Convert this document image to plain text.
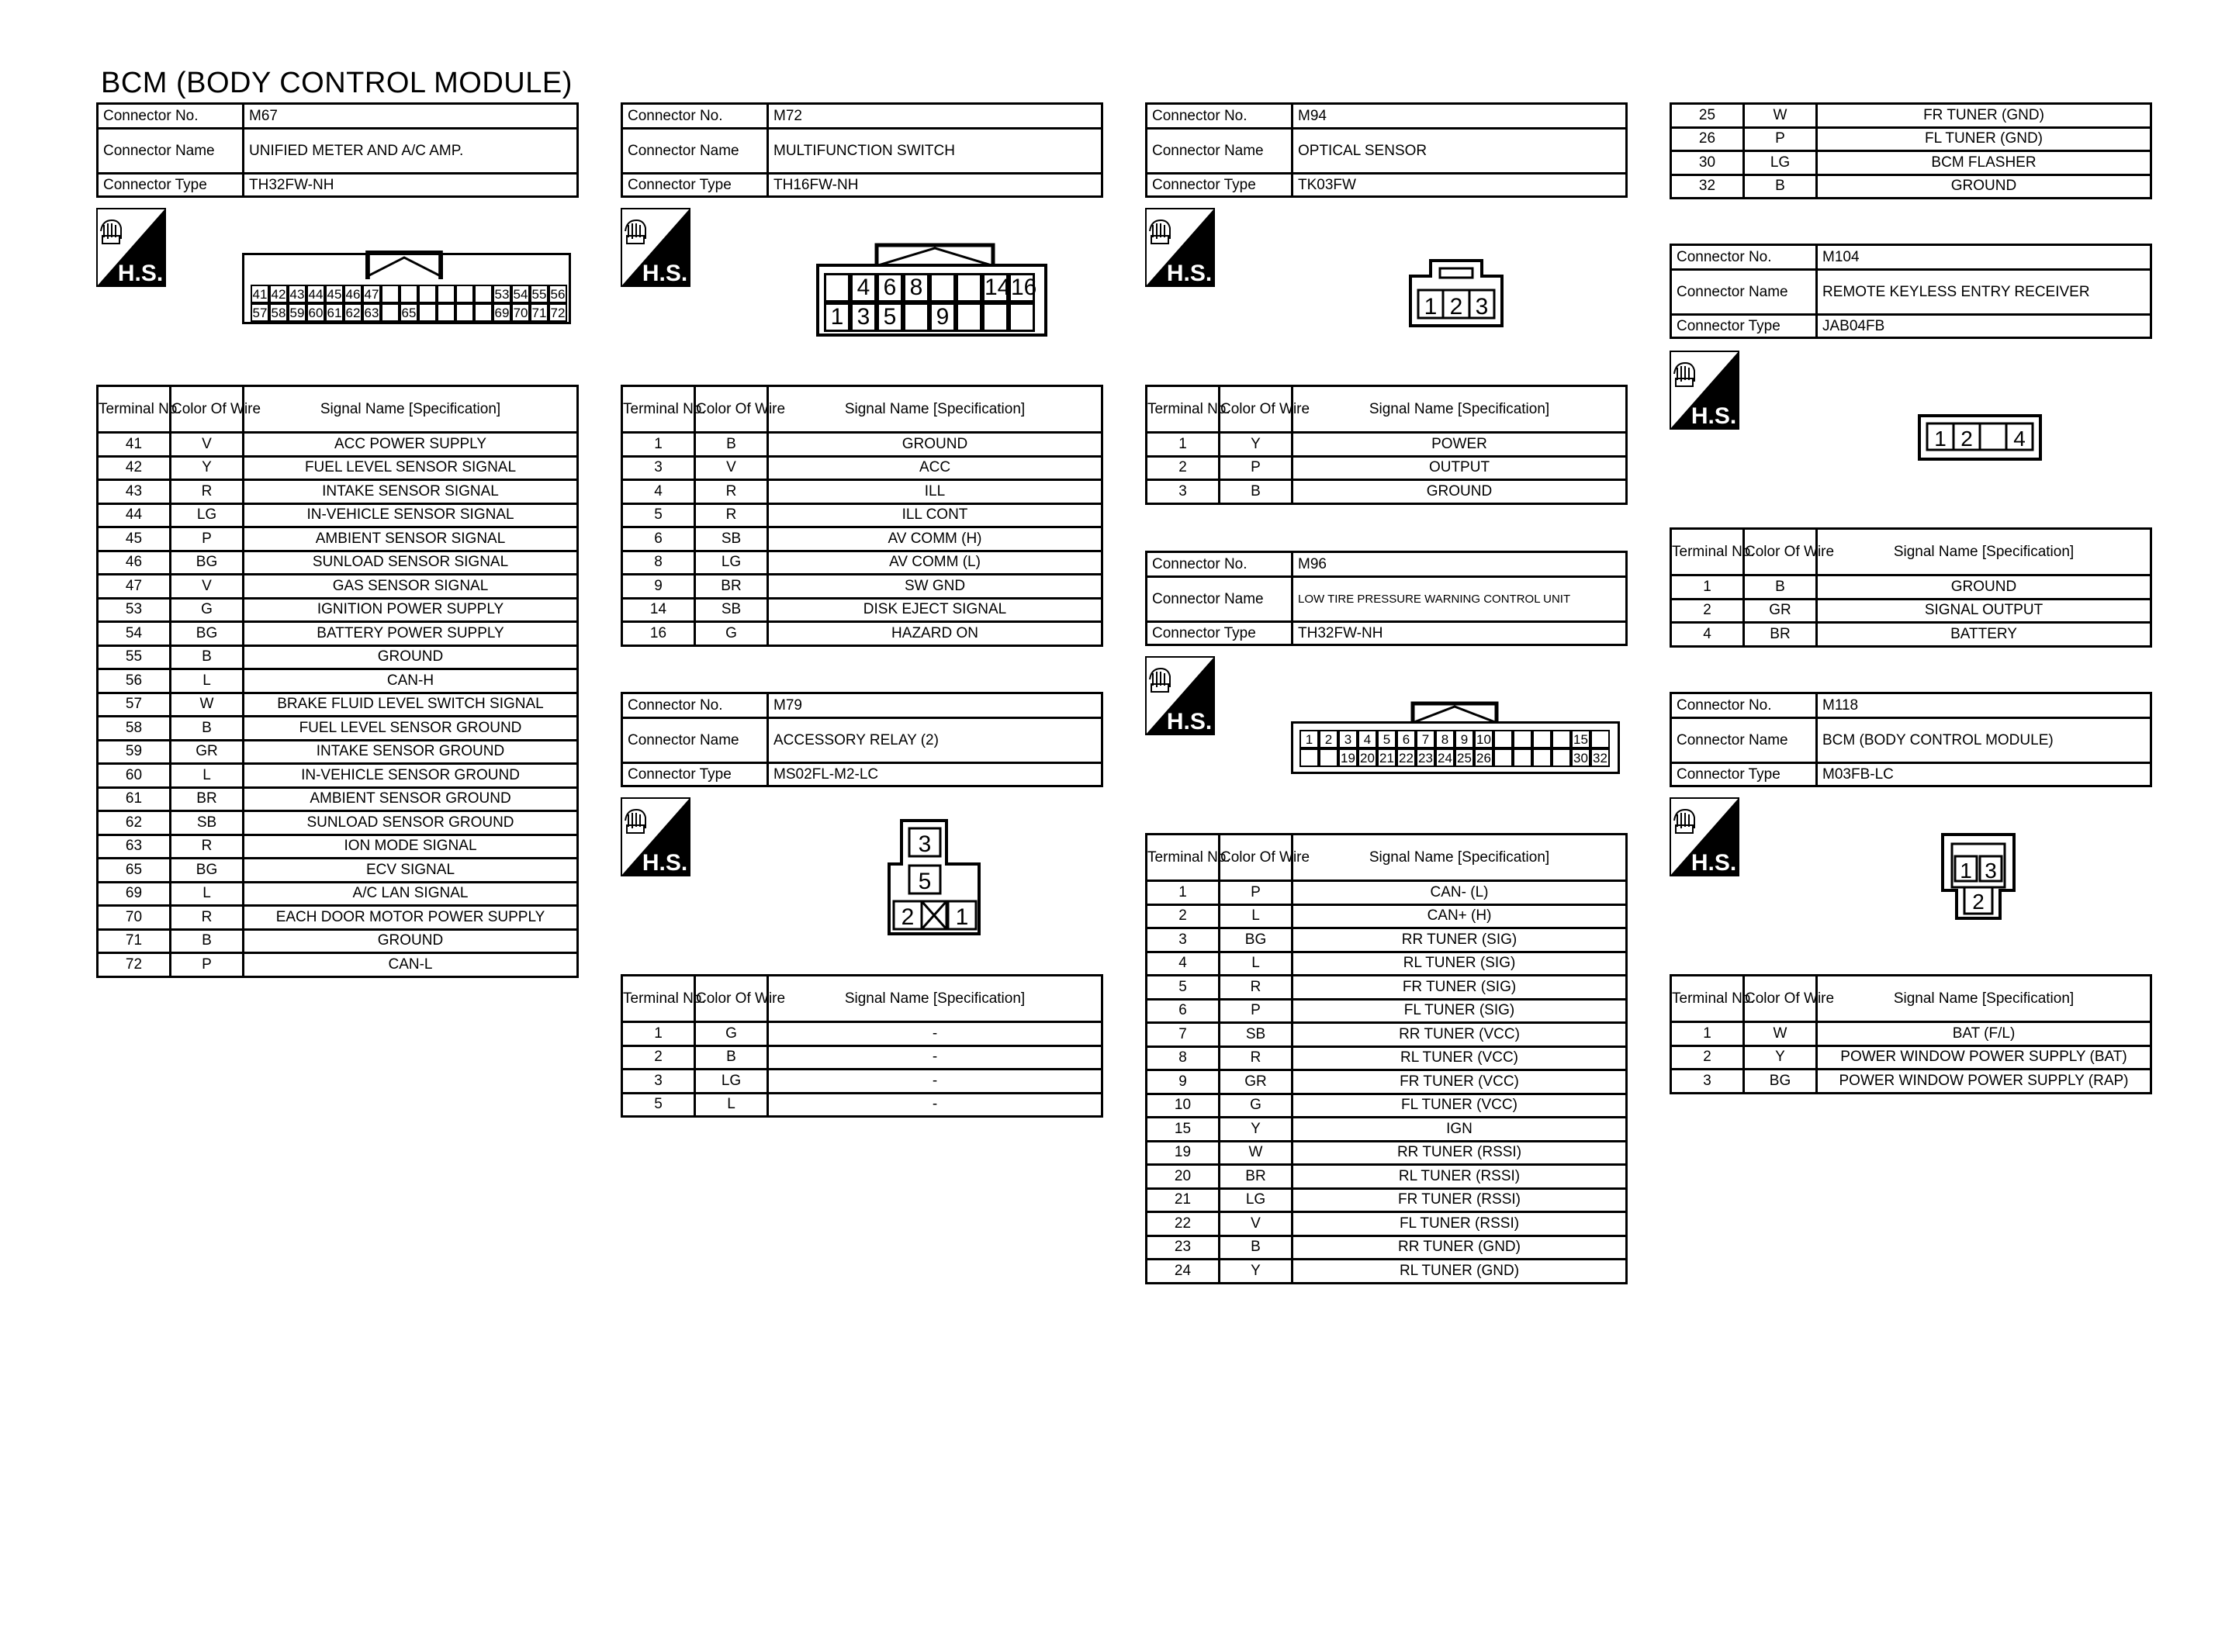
BCM (BODY CONTROL MODULE)
Connector No.	M67
Connector Name	UNIFIED METER AND A/C AMP.
Connector Type	TH32FW-NH
H.S.
41 42 43 44 45 46 47	53 54 55 56
57 58 59 60 61 62 63 65	69 70 71 72
Terminal No.	Color Of Wire	Signal Name [Specification]
41	V	ACC POWER SUPPLY
42	Y	FUEL LEVEL SENSOR SIGNAL
43	R	INTAKE SENSOR SIGNAL
44	LG	IN-VEHICLE SENSOR SIGNAL
45	P	AMBIENT SENSOR SIGNAL
46	BG	SUNLOAD SENSOR SIGNAL
47	V	GAS SENSOR SIGNAL
53	G	IGNITION POWER SUPPLY
54	BG	BATTERY POWER SUPPLY
55	B	GROUND
56	L	CAN-H
57	W	BRAKE FLUID LEVEL SWITCH SIGNAL
58	B	FUEL LEVEL SENSOR GROUND
59	GR	INTAKE SENSOR GROUND
60	L	IN-VEHICLE SENSOR GROUND
61	BR	AMBIENT SENSOR GROUND
62	SB	SUNLOAD SENSOR GROUND
63	R	ION MODE SIGNAL
65	BG	ECV SIGNAL
69	L	A/C LAN SIGNAL
70	R	EACH DOOR MOTOR POWER SUPPLY
71	B	GROUND
72	P	CAN-L
Connector No.	M72
Connector Name	MULTIFUNCTION SWITCH
Connector Type	TH16FW-NH
H.S.
4 6 8	14 16
1 3 5 9
Terminal No.	Color Of Wire	Signal Name [Specification]
1	B	GROUND
3	V	ACC
4	R	ILL
5	R	ILL CONT
6	SB	AV COMM (H)
8	LG	AV COMM (L)
9	BR	SW GND
14	SB	DISK EJECT SIGNAL
16	G	HAZARD ON
Connector No.	M79
Connector Name	ACCESSORY RELAY (2)
Connector Type	MS02FL-M2-LC
H.S.
3
5
2 1
Terminal No.	Color Of Wire	Signal Name [Specification]
1	G	-
2	B	-
3	LG	-
5	L	-
Connector No.	M94
Connector Name	OPTICAL SENSOR
Connector Type	TK03FW
H.S.
1 2 3
Terminal No.	Color Of Wire	Signal Name [Specification]
1	Y	POWER
2	P	OUTPUT
3	B	GROUND
Connector No.	M96
Connector Name	LOW TIRE PRESSURE WARNING CONTROL UNIT
Connector Type	TH32FW-NH
H.S.
1 2 3 4 5 6 7 8 9 10	15
19 20 21 22 23 24 25 26	30 32
Terminal No.	Color Of Wire	Signal Name [Specification]
1	P	CAN- (L)
2	L	CAN+ (H)
3	BG	RR TUNER (SIG)
4	L	RL TUNER (SIG)
5	R	FR TUNER (SIG)
6	P	FL TUNER (SIG)
7	SB	RR TUNER (VCC)
8	R	RL TUNER (VCC)
9	GR	FR TUNER (VCC)
10	G	FL TUNER (VCC)
15	Y	IGN
19	W	RR TUNER (RSSI)
20	BR	RL TUNER (RSSI)
21	LG	FR TUNER (RSSI)
22	V	FL TUNER (RSSI)
23	B	RR TUNER (GND)
24	Y	RL TUNER (GND)
25	W	FR TUNER (GND)
26	P	FL TUNER (GND)
30	LG	BCM FLASHER
32	B	GROUND
Connector No.	M104
Connector Name	REMOTE KEYLESS ENTRY RECEIVER
Connector Type	JAB04FB
H.S.
1 2 4
Terminal No.	Color Of Wire	Signal Name [Specification]
1	B	GROUND
2	GR	SIGNAL OUTPUT
4	BR	BATTERY
Connector No.	M118
Connector Name	BCM (BODY CONTROL MODULE)
Connector Type	M03FB-LC
H.S.	1 3
2
Terminal No.	Color Of Wire	Signal Name [Specification]
1	W	BAT (F/L)
2	Y	POWER WINDOW POWER SUPPLY (BAT)
3	BG	POWER WINDOW POWER SUPPLY (RAP)
